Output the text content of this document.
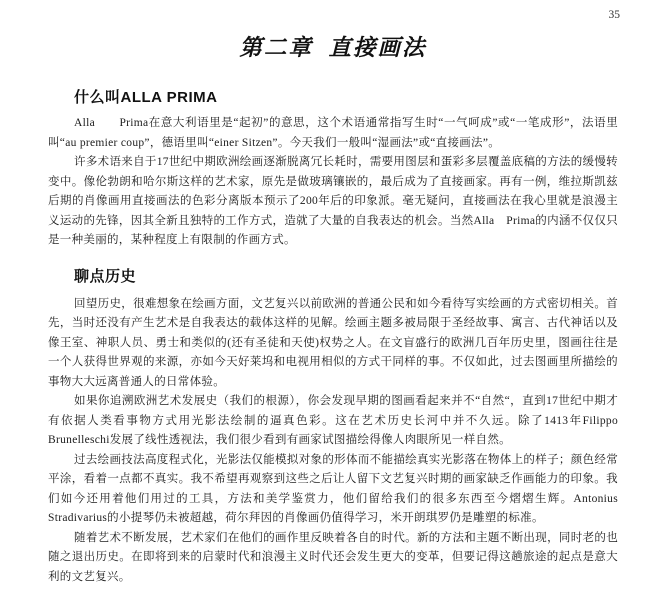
35
第二章 直接画法
什么叫ALLA PRIMA

Alla　　Prima在意大利语里是“起初”的意思，这个术语通常指写生时“一气呵成”或“一笔成形”，法语里叫“au premier coup”，德语里叫“einer Sitzen”。今天我们一般叫“湿画法”或“直接画法”。

许多术语来自于17世纪中期欧洲绘画逐渐脱离冗长耗时，需要用图层和蛋彩多层覆盖底稿的方法的缓慢转变中。像伦勃朗和哈尔斯这样的艺术家，原先是做玻璃镶嵌的，最后成为了直接画家。再有一例，维拉斯凯兹后期的肖像画用直接画法的色彩分离版本预示了200年后的印象派。毫无疑问，直接画法在我心里就是浪漫主义运动的先锋，因其全新且独特的工作方式，造就了大量的自我表达的机会。当然Alla　Prima的内涵不仅仅只是一种美丽的，某种程度上有限制的作画方式。

聊点历史

回望历史，很难想象在绘画方面，文艺复兴以前欧洲的普通公民和如今看待写实绘画的方式密切相关。首先，当时还没有产生艺术是自我表达的载体这样的见解。绘画主题多被局限于圣经故事、寓言、古代神话以及像王室、神职人员、勇士和类似的(还有圣徒和天使)权势之人。在文盲盛行的欧洲几百年历史里，图画往往是一个人获得世界观的来源，亦如今天好莱坞和电视用相似的方式干同样的事。不仅如此，过去图画里所描绘的事物大大远离普通人的日常体验。

如果你追溯欧洲艺术发展史（我们的根源），你会发现早期的图画看起来并不“自然“，直到17世纪中期才有依据人类看事物方式用光影法绘制的逼真色彩。这在艺术历史长河中并不久远。除了1413年Filippo　Brunelleschi发展了线性透视法，我们很少看到有画家试图描绘得像人肉眼所见一样自然。

过去绘画技法高度程式化，光影法仅能模拟对象的形体而不能描绘真实光影落在物体上的样子；颜色经常平涂，看着一点都不真实。我不希望再观察到这些之后让人留下文艺复兴时期的画家缺乏作画能力的印象。我们如今还用着他们用过的工具，方法和美学鉴赏力，他们留给我们的很多东西至今熠熠生辉。Antonius Stradivarius的小提琴仍未被超越，荷尔拜因的肖像画仍值得学习，米开朗琪罗仍是雕塑的标准。

随着艺术不断发展，艺术家们在他们的画作里反映着各自的时代。新的方法和主题不断出现，同时老的也随之退出历史。在即将到来的启蒙时代和浪漫主义时代还会发生更大的变革，但要记得这趟旅途的起点是意大利的文艺复兴。
